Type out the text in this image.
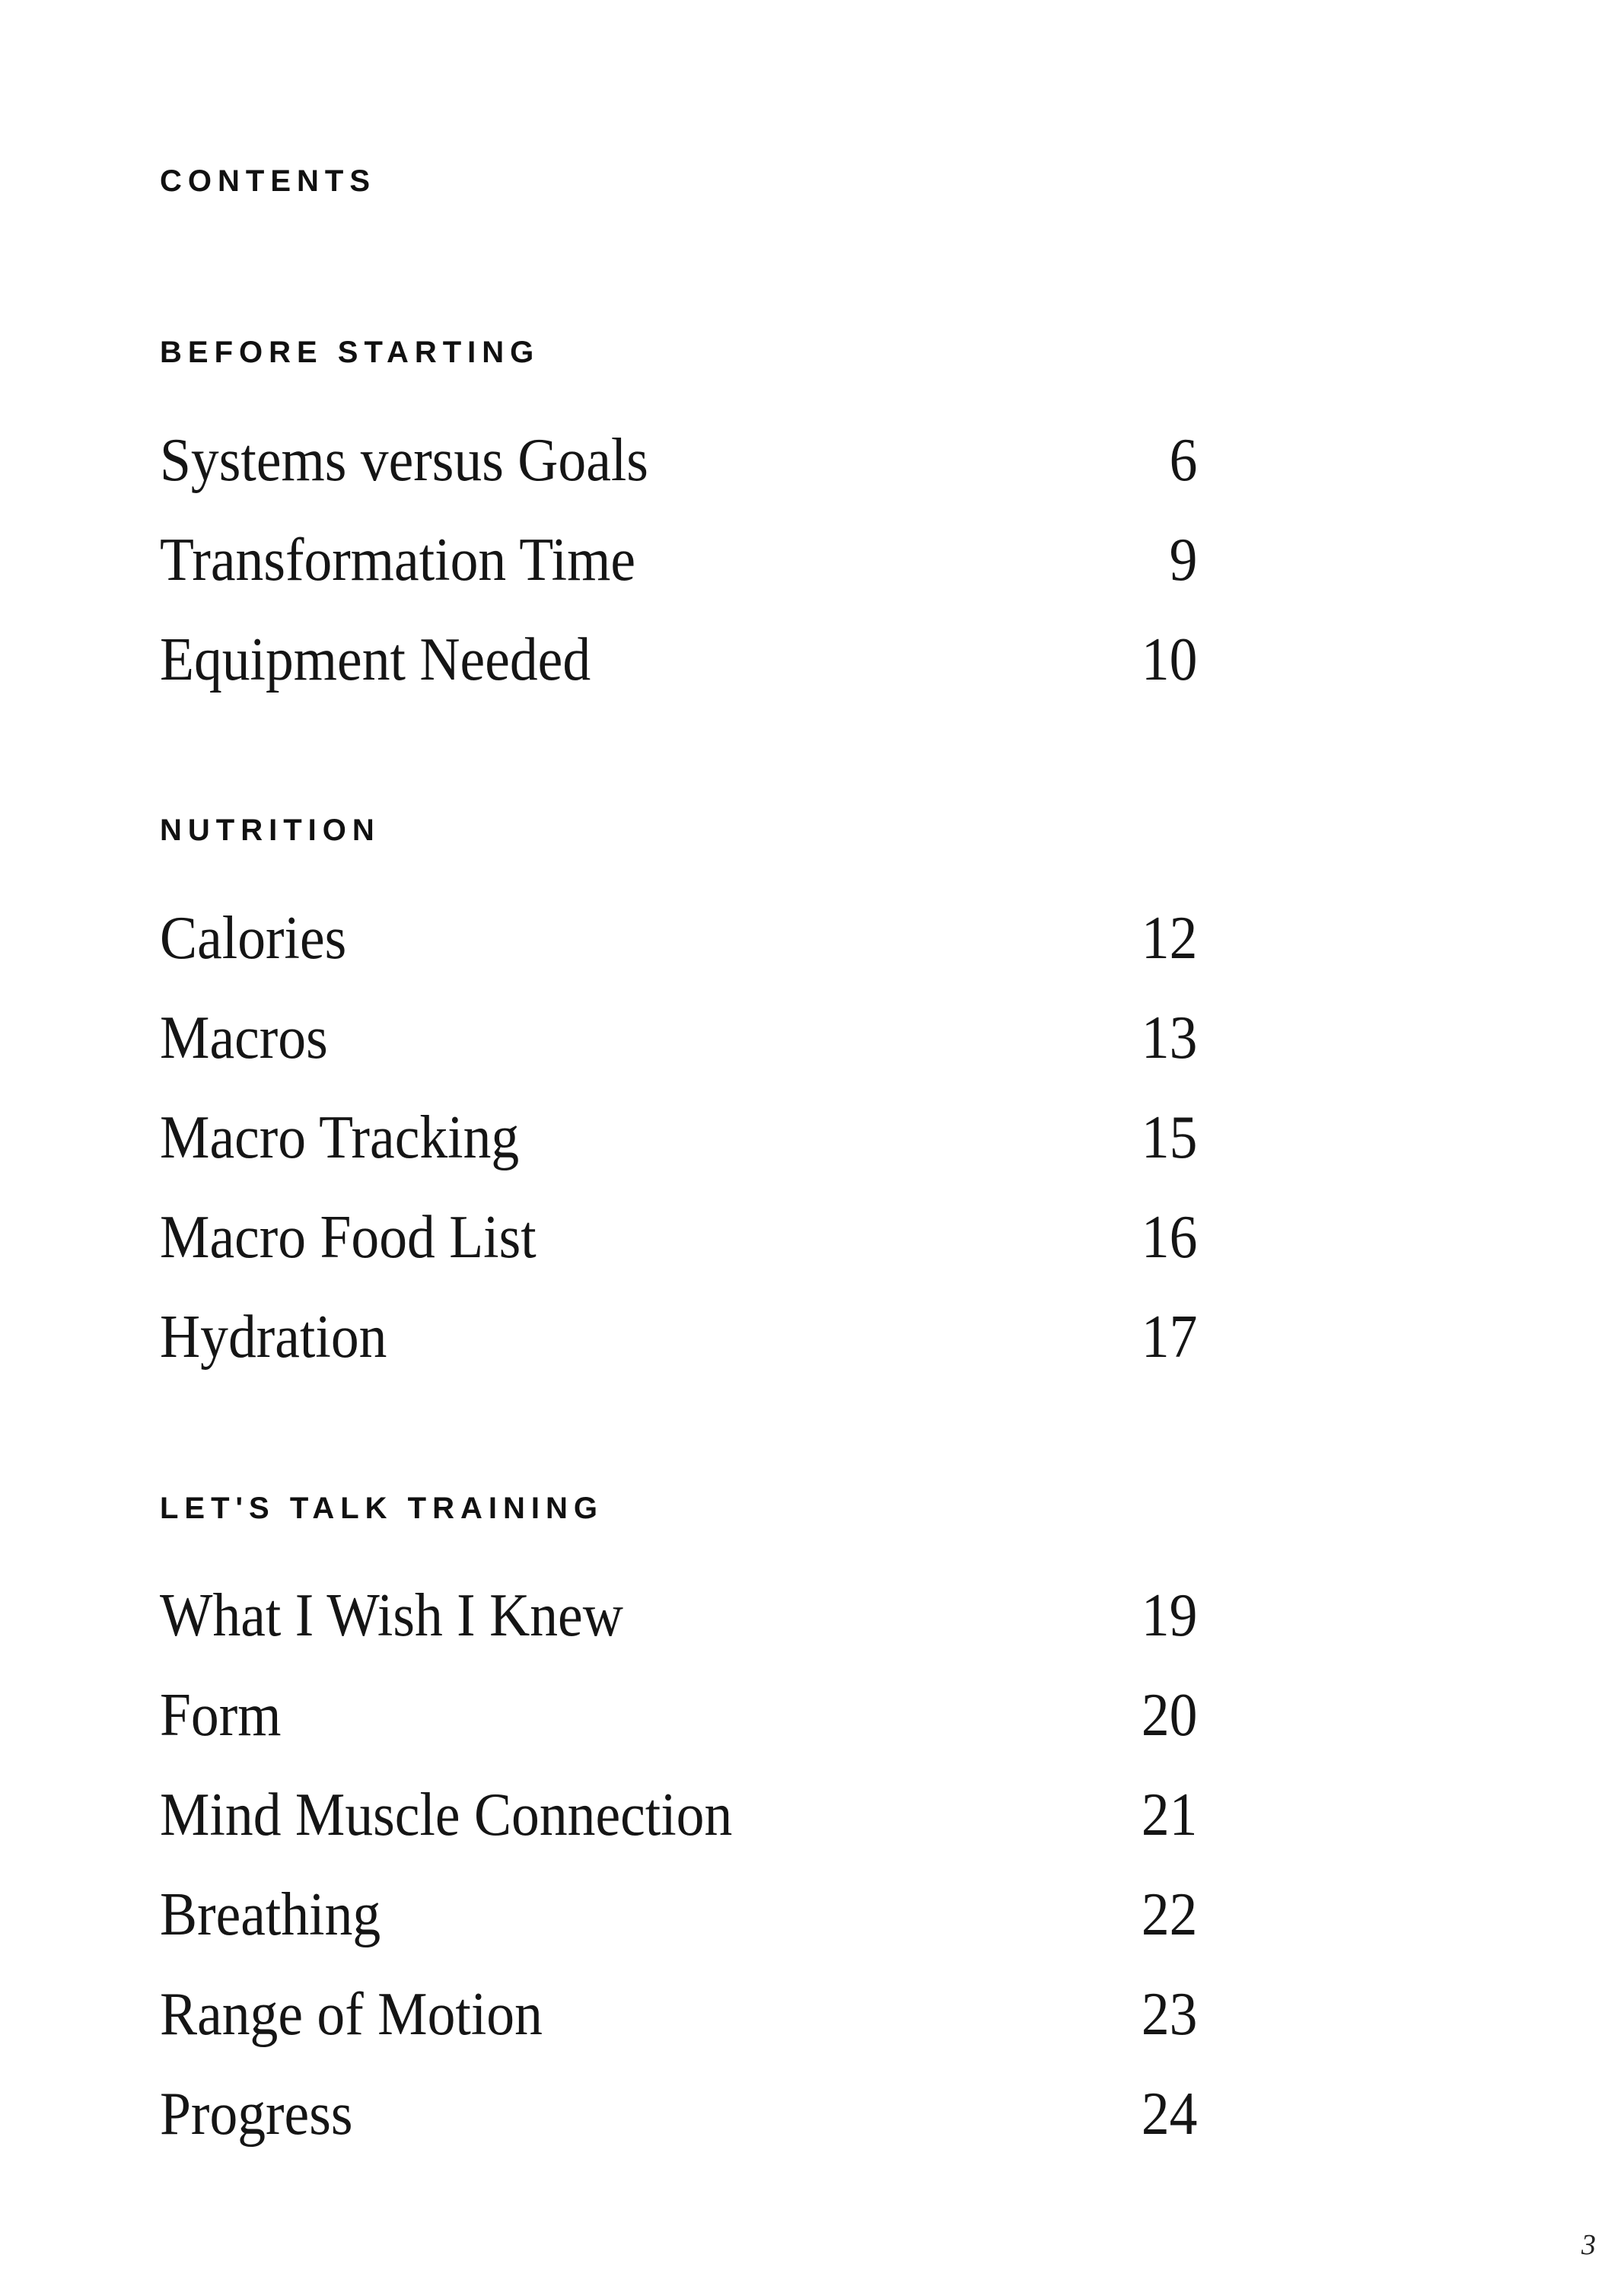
CONTENTS
BEFORE STARTING
Systems versus Goals	6
Transformation Time	9
Equipment Needed	10
NUTRITION
Calories	12
Macros	13
Macro Tracking	15
Macro Food List	16
Hydration	17
LET'S TALK TRAINING
What I Wish I Knew	19
Form	20
Mind Muscle Connection	21
Breathing	22
Range of Motion	23
Progress	24
3
